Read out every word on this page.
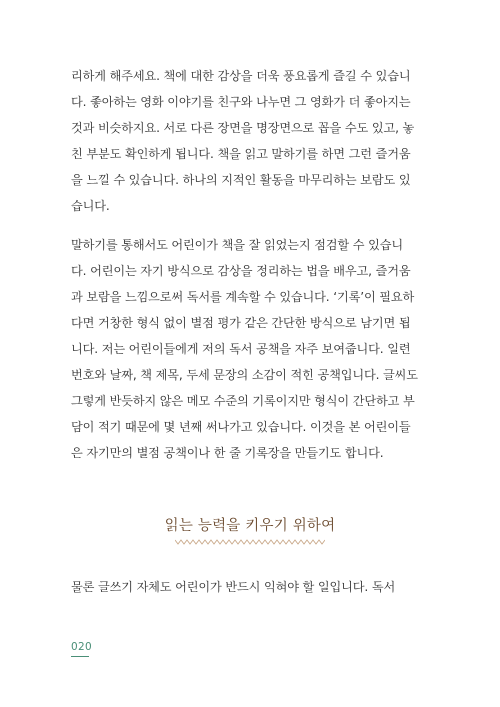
리하게 해주세요. 책에 대한 감상을 더욱 풍요롭게 즐길 수 있습니
다. 좋아하는 영화 이야기를 친구와 나누면 그 영화가 더 좋아지는
것과 비슷하지요. 서로 다른 장면을 명장면으로 꼽을 수도 있고, 놓
친 부분도 확인하게 됩니다. 책을 읽고 말하기를 하면 그런 즐거움
을 느낄 수 있습니다. 하나의 지적인 활동을 마무리하는 보람도 있
습니다.
말하기를 통해서도 어린이가 책을 잘 읽었는지 점검할 수 있습니
다. 어린이는 자기 방식으로 감상을 정리하는 법을 배우고, 즐거움
과 보람을 느낌으로써 독서를 계속할 수 있습니다. ‘기록’이 필요하
다면 거창한 형식 없이 별점 평가 같은 간단한 방식으로 남기면 됩
니다. 저는 어린이들에게 저의 독서 공책을 자주 보여줍니다. 일련
번호와 날짜, 책 제목, 두세 문장의 소감이 적힌 공책입니다. 글씨도
그렇게 반듯하지 않은 메모 수준의 기록이지만 형식이 간단하고 부
담이 적기 때문에 몇 년째 써나가고 있습니다. 이것을 본 어린이들
은 자기만의 별점 공책이나 한 줄 기록장을 만들기도 합니다.
읽는 능력을 키우기 위하여
물론 글쓰기 자체도 어린이가 반드시 익혀야 할 일입니다. 독서
020
